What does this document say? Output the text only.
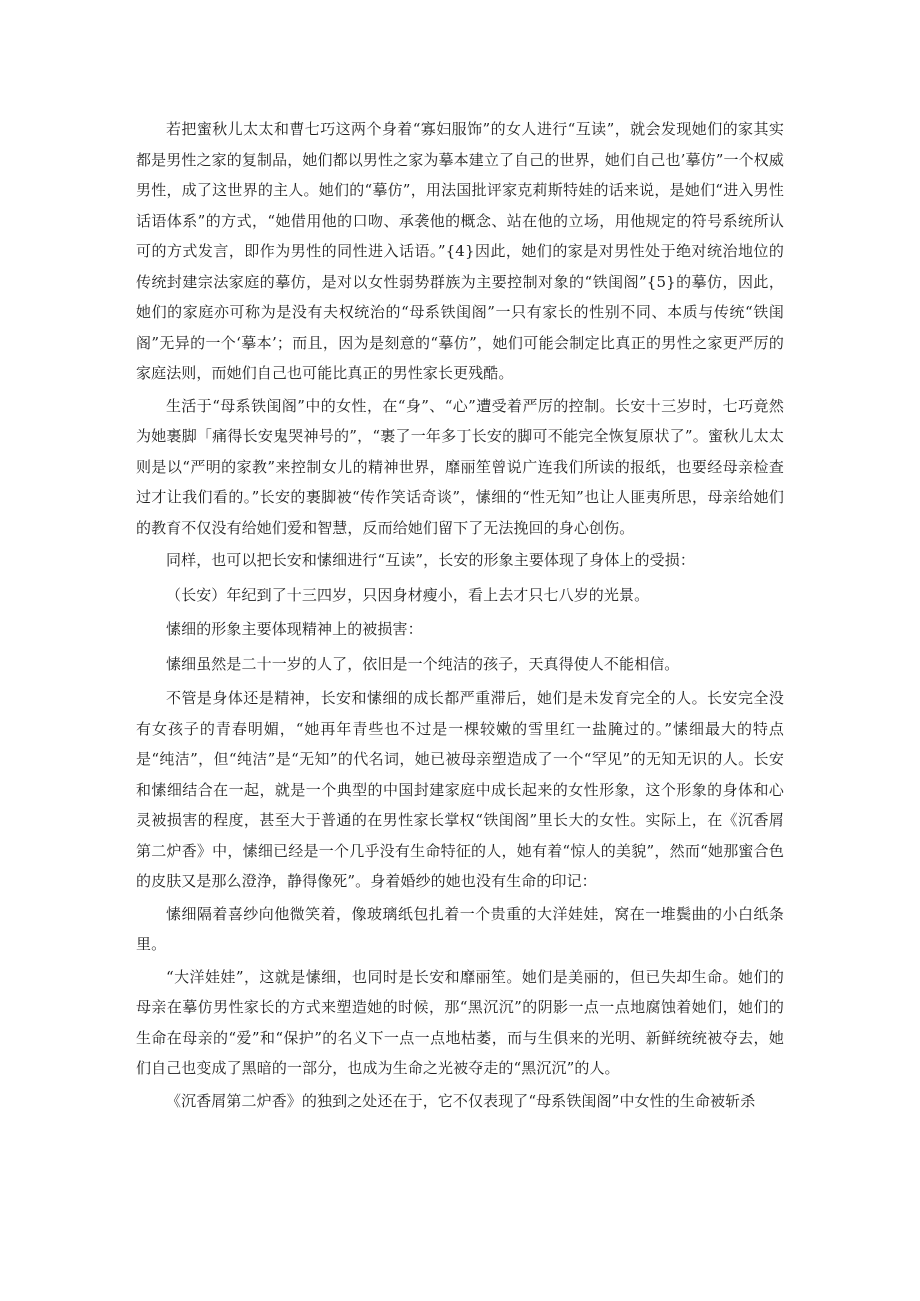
若把蜜秋儿太太和曹七巧这两个身着“寡妇服饰”的女人进行“互读”，就会发现她们的家其实都是男性之家的复制品，她们都以男性之家为摹本建立了自己的世界，她们自己也’摹仿”一个权威男性，成了这世界的主人。她们的“摹仿”，用法国批评家克莉斯特娃的话来说，是她们“进入男性话语体系”的方式，“她借用他的口吻、承袭他的概念、站在他的立场，用他规定的符号系统所认可的方式发言，即作为男性的同性进入话语。”{4}因此，她们的家是对男性处于绝对统治地位的传统封建宗法家庭的摹仿，是对以女性弱势群族为主要控制对象的“铁闺阁”{5}的摹仿，因此，她们的家庭亦可称为是没有夫权统治的“母系铁闺阁”一只有家长的性别不同、本质与传统“铁闺阁”无异的一个‘摹本’；而且，因为是刻意的“摹仿”，她们可能会制定比真正的男性之家更严厉的家庭法则，而她们自己也可能比真正的男性家长更残酷。

生活于“母系铁闺阁”中的女性，在“身”、“心”遭受着严厉的控制。长安十三岁时，七巧竟然为她裹脚「痛得长安鬼哭神号的”，“裹了一年多丁长安的脚可不能完全恢复原状了”。蜜秋儿太太则是以“严明的家教”来控制女儿的精神世界，靡丽笙曾说广连我们所读的报纸，也要经母亲检查过才让我们看的。”长安的裹脚被“传作笑话奇谈”，愫细的“性无知”也让人匪夷所思，母亲给她们的教育不仅没有给她们爱和智慧，反而给她们留下了无法挽回的身心创伤。

同样，也可以把长安和愫细进行“互读”，长安的形象主要体现了身体上的受损：

（长安）年纪到了十三四岁，只因身材瘦小，看上去才只七八岁的光景。

愫细的形象主要体现精神上的被损害：

愫细虽然是二十一岁的人了，依旧是一个纯洁的孩子，天真得使人不能相信。

不管是身体还是精神，长安和愫细的成长都严重滞后，她们是未发育完全的人。长安完全没有女孩子的青春明媚，“她再年青些也不过是一棵较嫩的雪里红一盐腌过的。”愫细最大的特点是“纯洁”，但“纯洁”是“无知”的代名词，她已被母亲塑造成了一个“罕见”的无知无识的人。长安和愫细结合在一起，就是一个典型的中国封建家庭中成长起来的女性形象，这个形象的身体和心灵被损害的程度，甚至大于普通的在男性家长掌权“铁闺阁”里长大的女性。实际上，在《沉香屑第二炉香》中，愫细已经是一个几乎没有生命特征的人，她有着“惊人的美貌”，然而“她那蜜合色的皮肤又是那么澄浄，静得像死”。身着婚纱的她也没有生命的印记：

愫细隔着喜纱向他微笑着，像玻璃纸包扎着一个贵重的大洋娃娃，窝在一堆鬓曲的小白纸条里。

“大洋娃娃”，这就是愫细，也同时是长安和靡丽笙。她们是美丽的，但已失却生命。她们的母亲在摹仿男性家长的方式来塑造她的时候，那“黑沉沉”的阴影一点一点地腐蚀着她们，她们的生命在母亲的“爱”和“保护”的名义下一点一点地枯萎，而与生俱来的光明、新鲜统统被夺去，她们自己也变成了黑暗的一部分，也成为生命之光被夺走的“黑沉沉”的人。

《沉香屑第二炉香》的独到之处还在于，它不仅表现了“母系铁闺阁”中女性的生命被斩杀
